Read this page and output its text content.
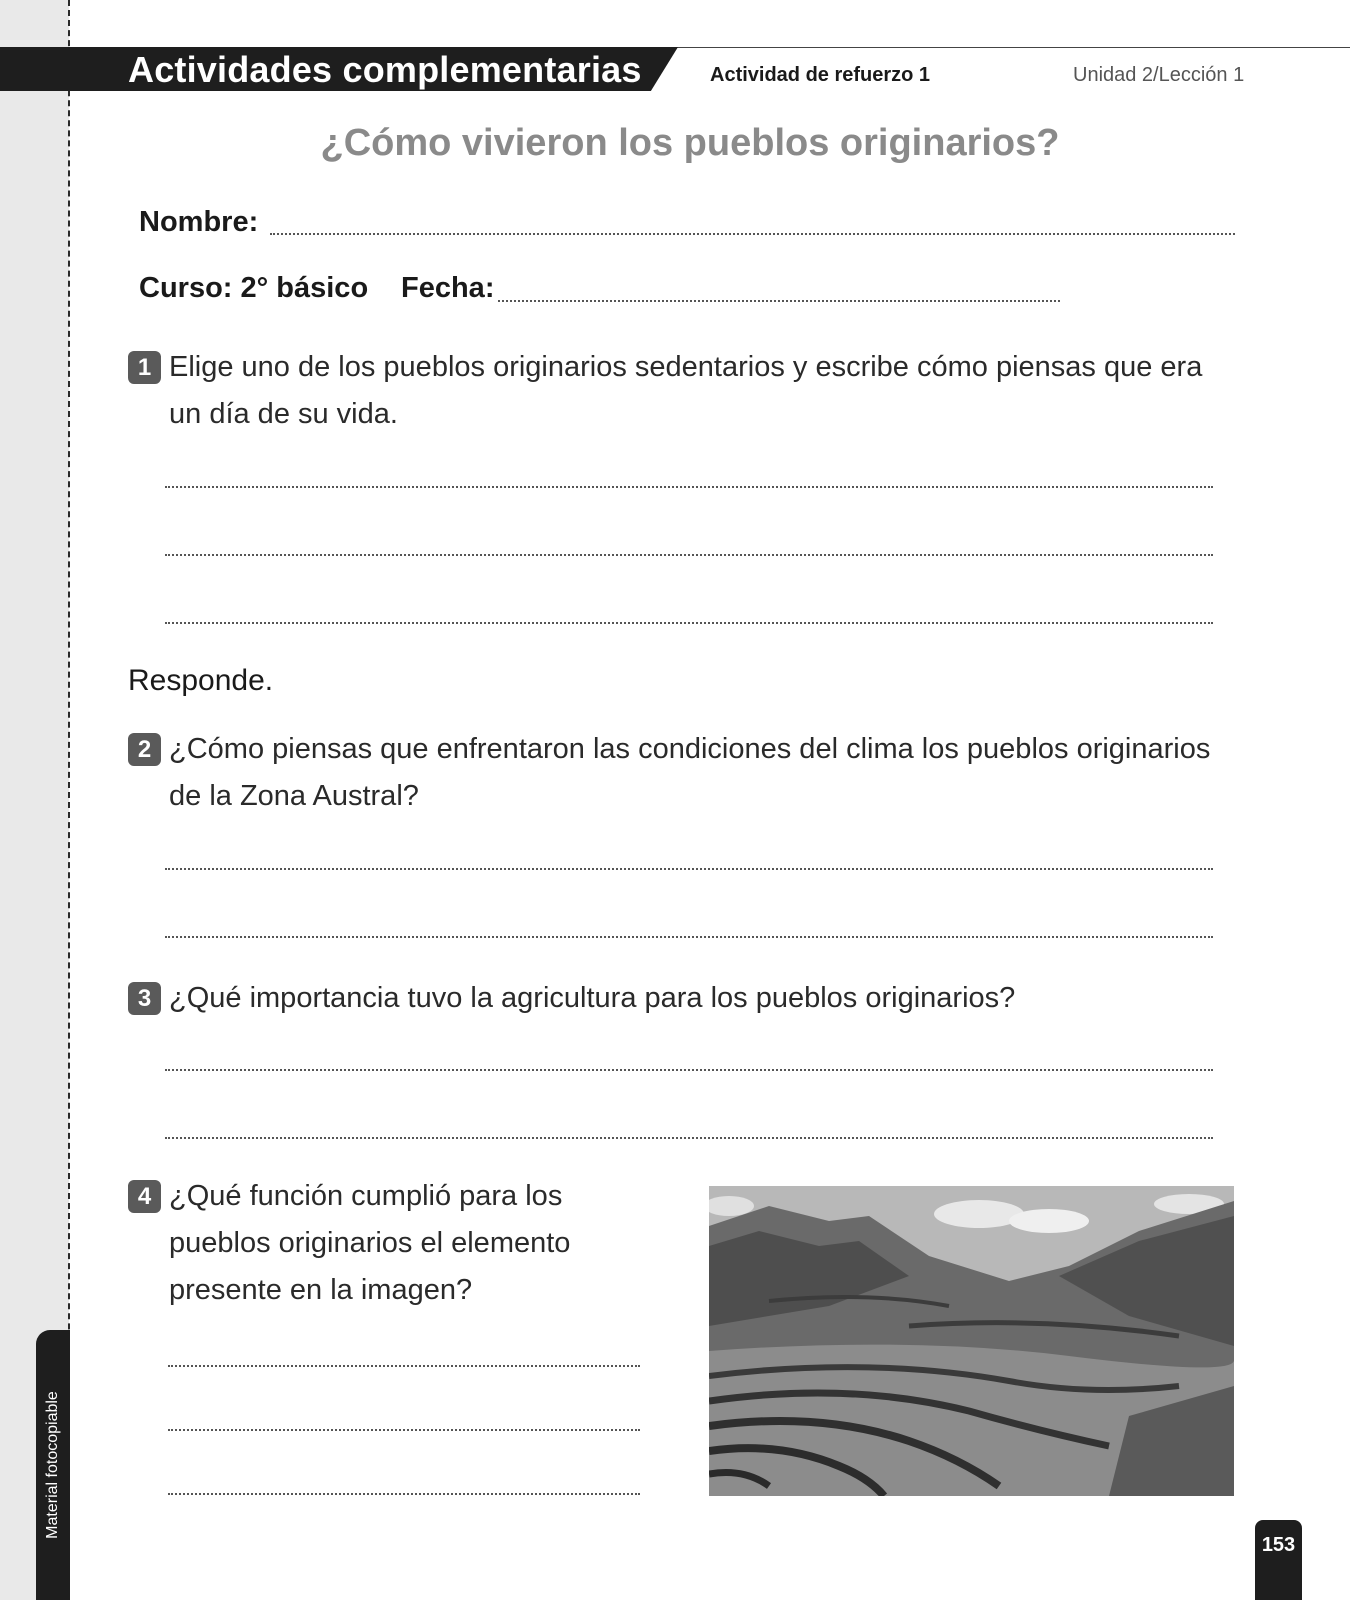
Material fotocopiable
Actividades complementarias	Actividad de refuerzo 1	Unidad 2/Lección 1
¿Cómo vivieron los pueblos originarios?
Nombre:
Curso: 2° básico Fecha:
1 Elige uno de los pueblos originarios sedentarios y escribe cómo piensas que era
un día de su vida.
Responde.
2 ¿Cómo piensas que enfrentaron las condiciones del clima los pueblos originarios
de la Zona Austral?
3 ¿Qué importancia tuvo la agricultura para los pueblos originarios?
4 ¿Qué función cumplió para los
pueblos originarios el elemento
presente en la imagen?
153
